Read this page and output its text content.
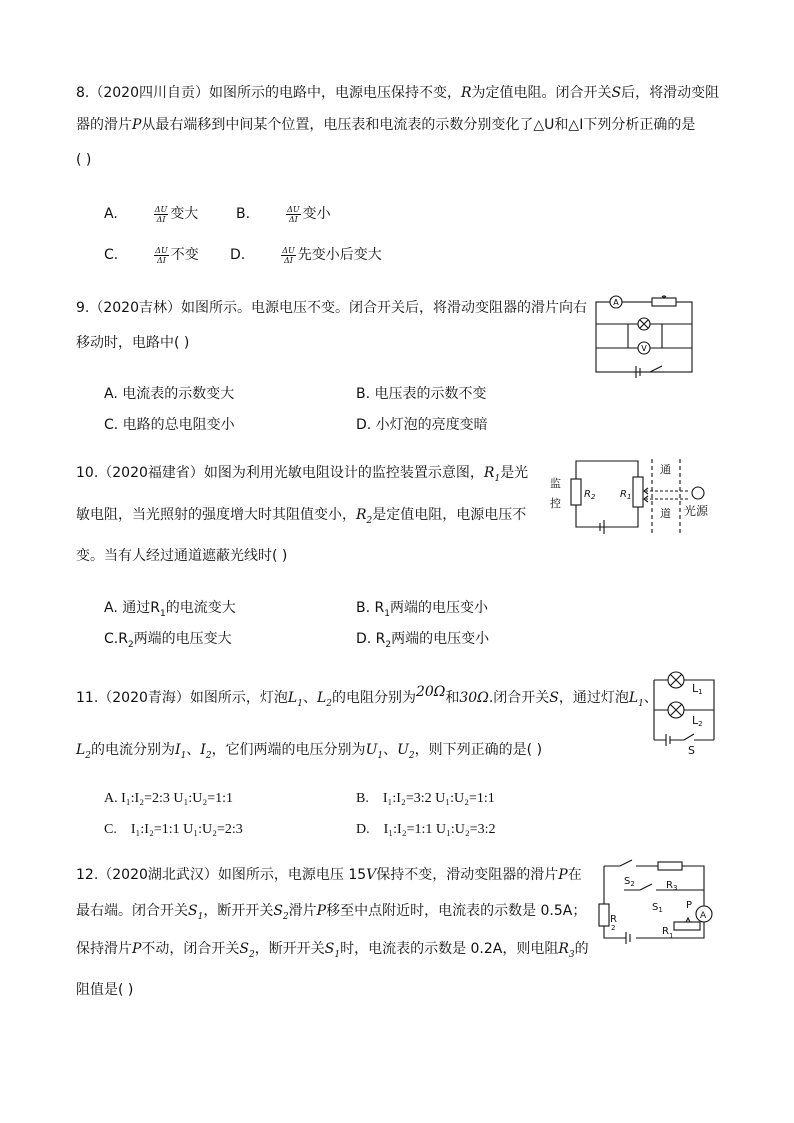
8.（2020四川自贡）如图所示的电路中，电源电压保持不变，R为定值电阻。闭合开关S后，将滑动变阻
器的滑片P从最右端移到中间某个位置，电压表和电流表的示数分别变化了△U和△I下列分析正确的是
( )
A.	$\frac{\Delta U}{\Delta I}$ 变大	B.	$\frac{\Delta U}{\Delta I}$ 变小
C.	$\frac{\Delta U}{\Delta I}$ 不变 D.	$\frac{\Delta U}{\Delta I}$ 先变小后变大
9.（2020吉林）如图所示。电源电压不变。闭合开关后，将滑动变阻器的滑片向右
移动时，电路中( )
A. 电流表的示数变大	B. 电压表的示数不变
C. 电路的总电阻变小	D. 小灯泡的亮度变暗
A
V
10.（2020福建省）如图为利用光敏电阻设计的监控装置示意图，$R_1$是光
敏电阻，当光照射的强度增大时其阻值变小，$R_2$是定值电阻，电源电压不
变。当有人经过通道遮蔽光线时( )
A. 通过$R_1$的电流变大	B. $R_1$两端的电压变小
$C.R_2$两端的电压变大	D. $R_2$两端的电压变小
监
控
$R_2$ $R_1$
通
道 光源
11.（2020青海）如图所示，灯泡$L_1$、$L_2$的电阻分别为20Ω和30Ω.闭合开关S，通过灯泡$L_1$、
$L_2$的电流分别为$I_1$、$I_2$，它们两端的电压分别为$U_1$、$U_2$，则下列正确的是( )
A. I₁:I₂=2:3 U₁:U₂=1:1	B. I₁:I₂=3:2 U₁:U₂=1:1
C. I₁:I₂=1:1 U₁:U₂=2:3	D. I₁:I₂=1:1 U₁:U₂=3:2
L1
L2
S
12.（2020湖北武汉）如图所示，电源电压 15V保持不变，滑动变阻器的滑片P在
最右端。闭合开关$S_1$，断开开关$S_2$滑片P移至中点附近时，电流表的示数是 0.5A；
保持滑片P不动，闭合开关$S_2$，断开开关$S_1$时，电流表的示数是 0.2A，则电阻$R_3$的
阻值是( )
$S_2$	$R_3$
$S_1$ P
A
R 2	$R_1$
